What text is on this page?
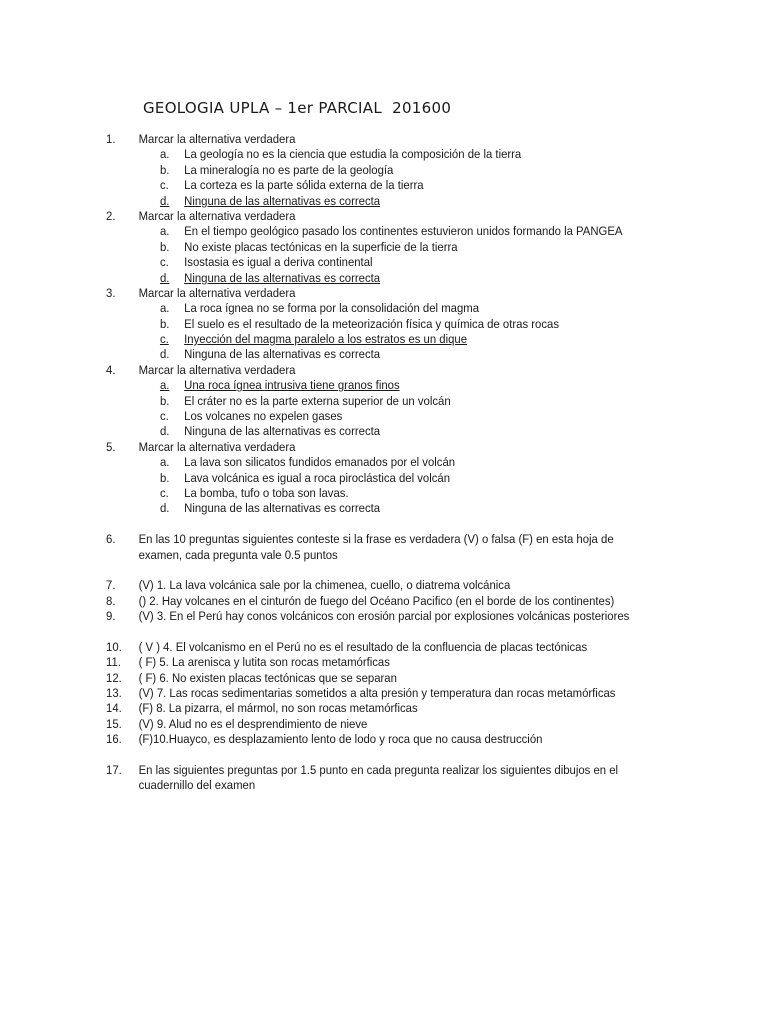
GEOLOGIA UPLA – 1er PARCIAL  201600
1. Marcar la alternativa verdadera
a. La geología no es la ciencia que estudia la composición de la tierra
b. La mineralogía no es parte de la geología
c. La corteza es la parte sólida externa de la tierra
d. Ninguna de las alternativas es correcta
2. Marcar la alternativa verdadera
a. En el tiempo geológico pasado los continentes estuvieron unidos formando la PANGEA
b. No existe placas tectónicas en la superficie de la tierra
c. Isostasia es igual a deriva continental
d. Ninguna de las alternativas es correcta
3. Marcar la alternativa verdadera
a. La roca ígnea no se forma por la consolidación del magma
b. El suelo es el resultado de la meteorización física y química de otras rocas
c. Inyección del magma paralelo a los estratos es un dique
d. Ninguna de las alternativas es correcta
4. Marcar la alternativa verdadera
a. Una roca ígnea intrusiva tiene granos finos
b. El cráter no es la parte externa superior de un volcán
c. Los volcanes no expelen gases
d. Ninguna de las alternativas es correcta
5. Marcar la alternativa verdadera
a. La lava son silicatos fundidos emanados por el volcán
b. Lava volcánica es igual a roca piroclástica del volcán
c. La bomba, tufo o toba son lavas.
d. Ninguna de las alternativas es correcta
6. En las 10 preguntas siguientes conteste si la frase es verdadera (V) o falsa (F) en esta hoja de examen, cada pregunta vale 0.5 puntos
7. (V) 1. La lava volcánica sale por la chimenea, cuello, o diatrema volcánica
8. () 2. Hay volcanes en el cinturón de fuego del Océano Pacifico (en el borde de los continentes)
9. (V) 3. En el Perú hay conos volcánicos con erosión parcial por explosiones volcánicas posteriores
10. ( V ) 4. El volcanismo en el Perú no es el resultado de la confluencia de placas tectónicas
11. ( F) 5. La arenisca y lutita son rocas metamórficas
12. ( F) 6. No existen placas tectónicas que se separan
13. (V) 7. Las rocas sedimentarias sometidos a alta presión y temperatura dan rocas metamórficas
14. (F) 8. La pizarra, el mármol, no son rocas metamórficas
15. (V) 9. Alud no es el desprendimiento de nieve
16. (F)10.Huayco, es desplazamiento lento de lodo y roca que no causa destrucción
17. En las siguientes preguntas por 1.5 punto en cada pregunta realizar los siguientes dibujos en el cuadernillo del examen
